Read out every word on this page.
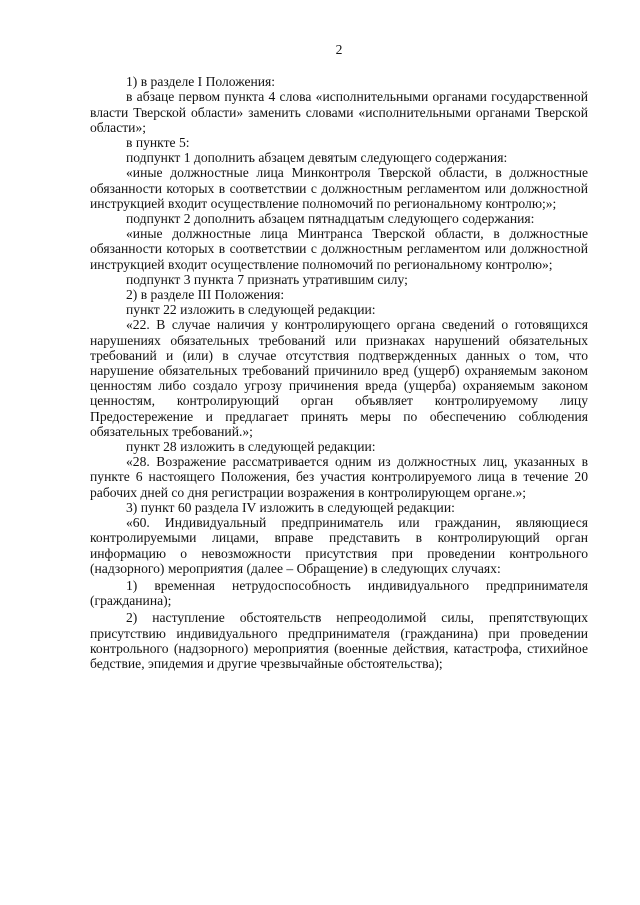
2

1) в разделе I Положения:

в абзаце первом пункта 4 слова «исполнительными органами государственной власти Тверской области» заменить словами «исполнительными органами Тверской области»;

в пункте 5:

подпункт 1 дополнить абзацем девятым следующего содержания:

«иные должностные лица Минконтроля Тверской области, в должностные обязанности которых в соответствии с должностным регламентом или должностной инструкцией входит осуществление полномочий по региональному контролю;»;

подпункт 2 дополнить абзацем пятнадцатым следующего содержания:

«иные должностные лица Минтранса Тверской области, в должностные обязанности которых в соответствии с должностным регламентом или должностной инструкцией входит осуществление полномочий по региональному контролю»;

подпункт 3 пункта 7 признать утратившим силу;

2) в разделе III Положения:

пункт 22 изложить в следующей редакции:

«22. В случае наличия у контролирующего органа сведений о готовящихся нарушениях обязательных требований или признаках нарушений обязательных требований и (или) в случае отсутствия подтвержденных данных о том, что нарушение обязательных требований причинило вред (ущерб) охраняемым законом ценностям либо создало угрозу причинения вреда (ущерба) охраняемым законом ценностям, контролирующий орган объявляет контролируемому лицу Предостережение и предлагает принять меры по обеспечению соблюдения обязательных требований.»;

пункт 28 изложить в следующей редакции:

«28. Возражение рассматривается одним из должностных лиц, указанных в пункте 6 настоящего Положения, без участия контролируемого лица в течение 20 рабочих дней со дня регистрации возражения в контролирующем органе.»;

3) пункт 60 раздела IV изложить в следующей редакции:

«60. Индивидуальный предприниматель или гражданин, являющиеся контролируемыми лицами, вправе представить в контролирующий орган информацию о невозможности присутствия при проведении контрольного (надзорного) мероприятия (далее – Обращение) в следующих случаях:

1) временная нетрудоспособность индивидуального предпринимателя (гражданина);

2) наступление обстоятельств непреодолимой силы, препятствующих присутствию индивидуального предпринимателя (гражданина) при проведении контрольного (надзорного) мероприятия (военные действия, катастрофа, стихийное бедствие, эпидемия и другие чрезвычайные обстоятельства);
